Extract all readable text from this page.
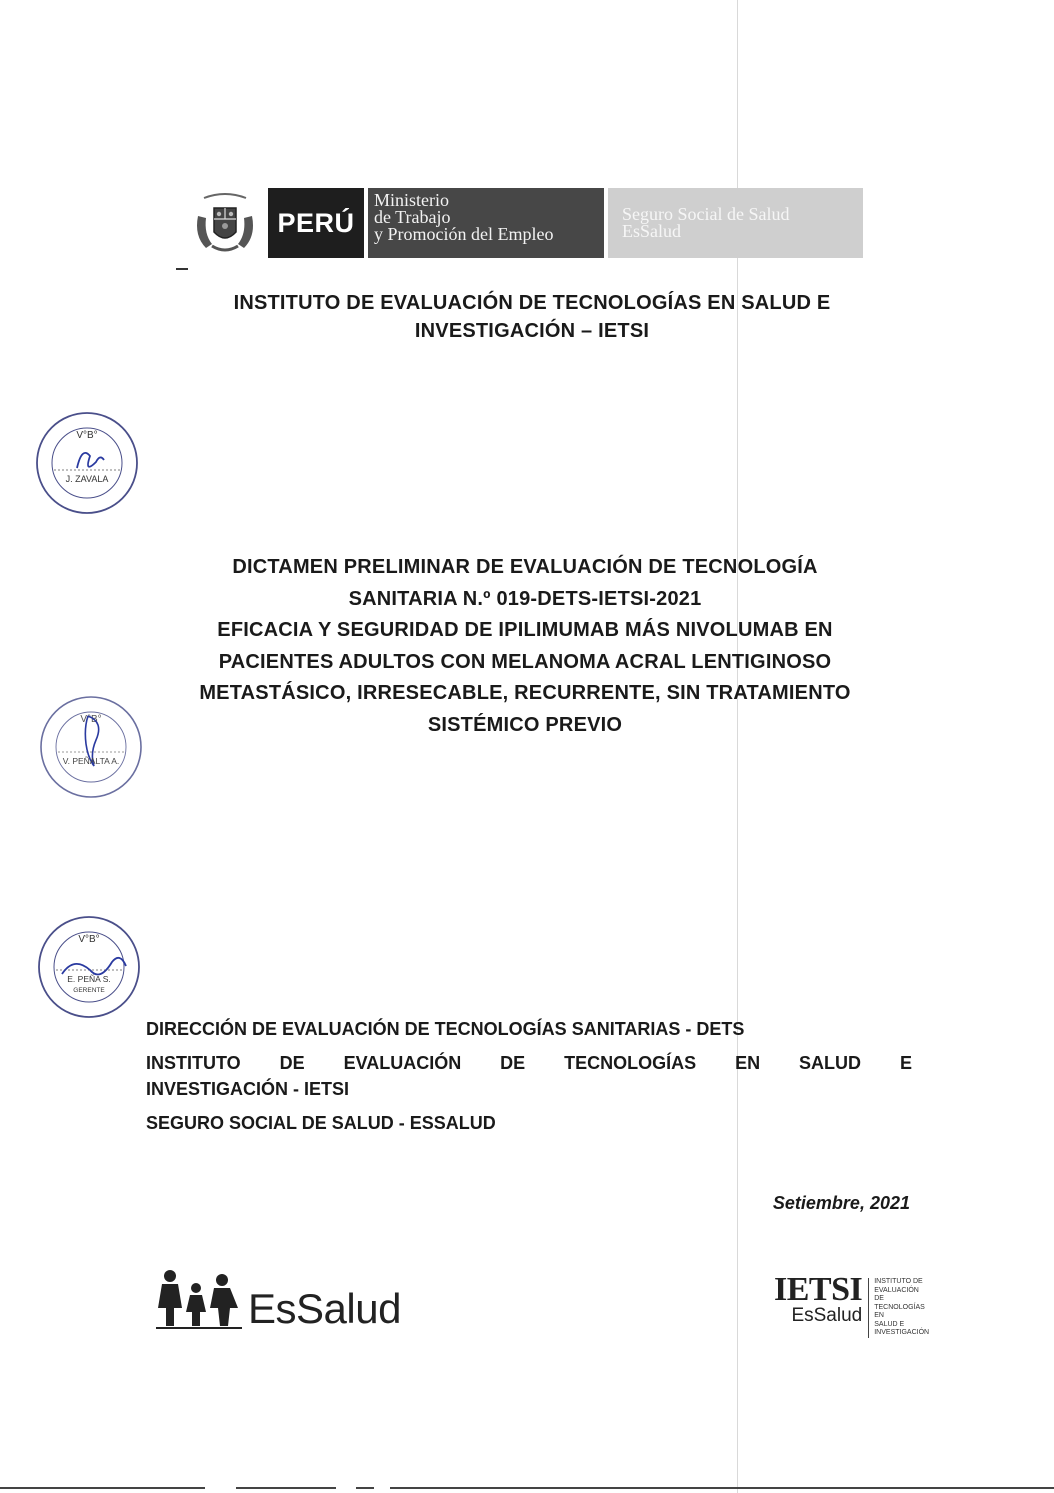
PERÚ
Ministerio
de Trabajo
y Promoción del Empleo
Seguro Social de Salud
EsSalud
INSTITUTO DE EVALUACIÓN DE TECNOLOGÍAS EN SALUD E
INVESTIGACIÓN – IETSI
V°B°
J. ZAVALA
V°B°
V. PEÑALTA A.
V°B°
E. PEÑA S.
GERENTE
DICTAMEN PRELIMINAR DE EVALUACIÓN DE TECNOLOGÍA
SANITARIA N.º 019-DETS-IETSI-2021
EFICACIA Y SEGURIDAD DE IPILIMUMAB MÁS NIVOLUMAB EN
PACIENTES ADULTOS CON MELANOMA ACRAL LENTIGINOSO
METASTÁSICO, IRRESECABLE, RECURRENTE, SIN TRATAMIENTO
SISTÉMICO PREVIO
DIRECCIÓN DE EVALUACIÓN DE TECNOLOGÍAS SANITARIAS - DETS
INSTITUTO DE EVALUACIÓN DE TECNOLOGÍAS EN SALUD E
INVESTIGACIÓN - IETSI
SEGURO SOCIAL DE SALUD - ESSALUD
Setiembre, 2021
EsSalud	IETSI
EsSalud
INSTITUTO DE
EVALUACIÓN DE
TECNOLOGÍAS EN
SALUD E
INVESTIGACIÓN
